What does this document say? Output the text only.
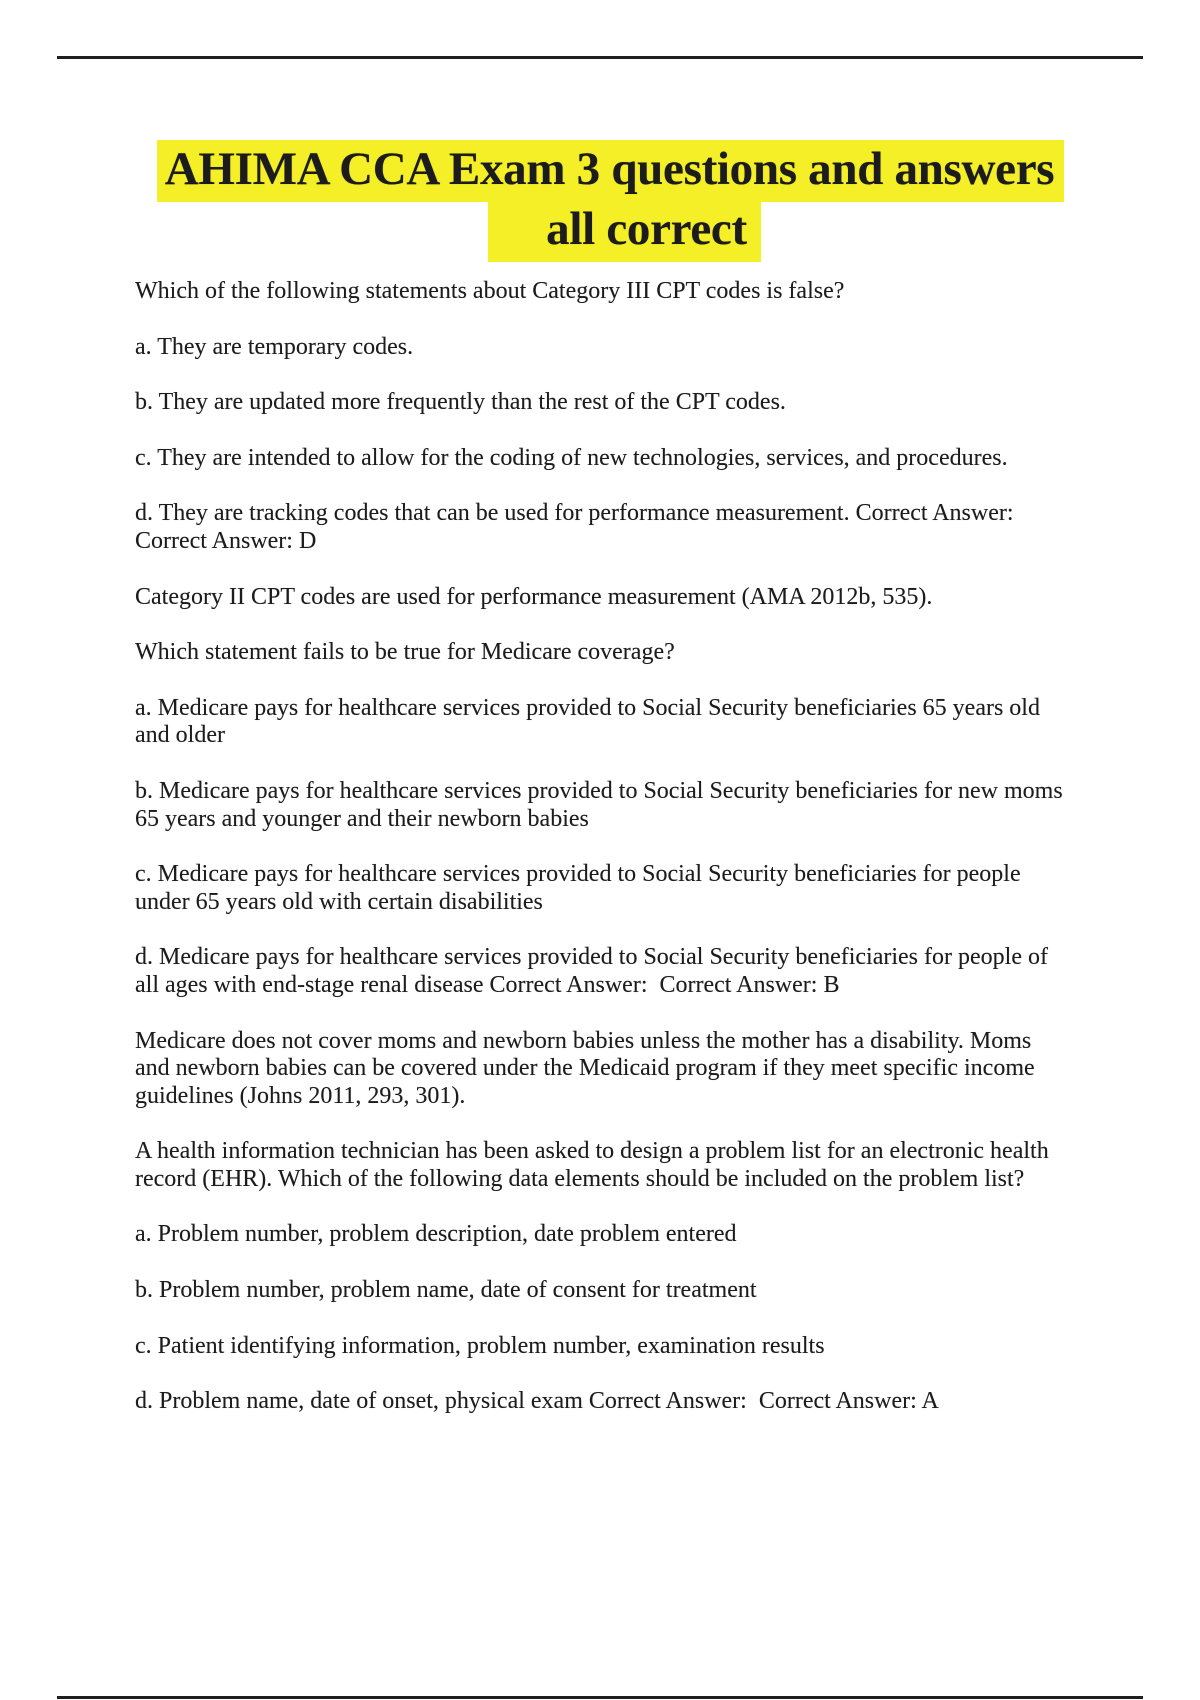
AHIMA CCA Exam 3 questions and answers
all correct

Which of the following statements about Category III CPT codes is false?

a. They are temporary codes.

b. They are updated more frequently than the rest of the CPT codes.

c. They are intended to allow for the coding of new technologies, services, and procedures.

d. They are tracking codes that can be used for performance measurement. Correct Answer:
Correct Answer: D

Category II CPT codes are used for performance measurement (AMA 2012b, 535).

Which statement fails to be true for Medicare coverage?

a. Medicare pays for healthcare services provided to Social Security beneficiaries 65 years old
and older

b. Medicare pays for healthcare services provided to Social Security beneficiaries for new moms
65 years and younger and their newborn babies

c. Medicare pays for healthcare services provided to Social Security beneficiaries for people
under 65 years old with certain disabilities

d. Medicare pays for healthcare services provided to Social Security beneficiaries for people of
all ages with end-stage renal disease Correct Answer:  Correct Answer: B

Medicare does not cover moms and newborn babies unless the mother has a disability. Moms
and newborn babies can be covered under the Medicaid program if they meet specific income
guidelines (Johns 2011, 293, 301).

A health information technician has been asked to design a problem list for an electronic health
record (EHR). Which of the following data elements should be included on the problem list?

a. Problem number, problem description, date problem entered

b. Problem number, problem name, date of consent for treatment

c. Patient identifying information, problem number, examination results

d. Problem name, date of onset, physical exam Correct Answer:  Correct Answer: A
